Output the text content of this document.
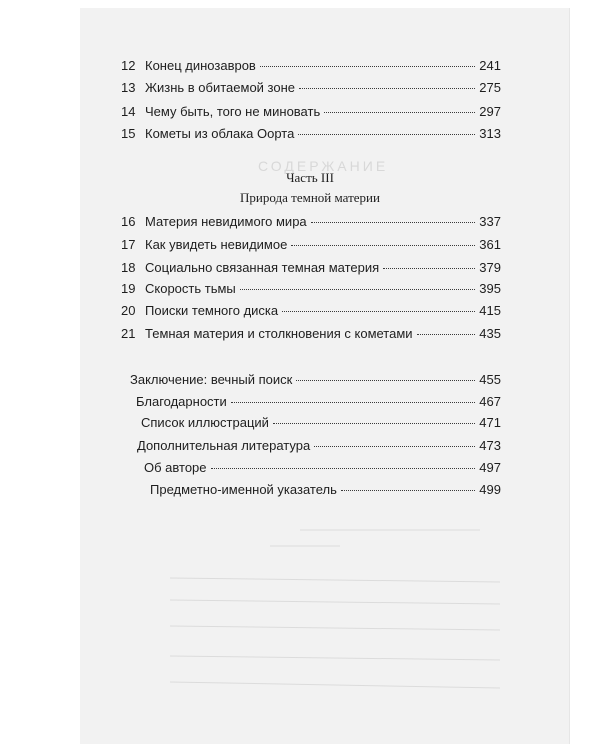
12 Конец динозавров	241
13 Жизнь в обитаемой зоне	275
14 Чему быть, того не миновать	297
15 Кометы из облака Оорта	313
СОДЕРЖАНИЕ
Часть III
Природа темной материи
16 Материя невидимого мира	337
17 Как увидеть невидимое	361
18 Социально связанная темная материя	379
19 Скорость тьмы	395
20 Поиски темного диска	415
21 Темная материя и столкновения с кометами	435
Заключение: вечный поиск	455
Благодарности	467
Список иллюстраций	471
Дополнительная литература	473
Об авторе	497
Предметно-именной указатель	499
